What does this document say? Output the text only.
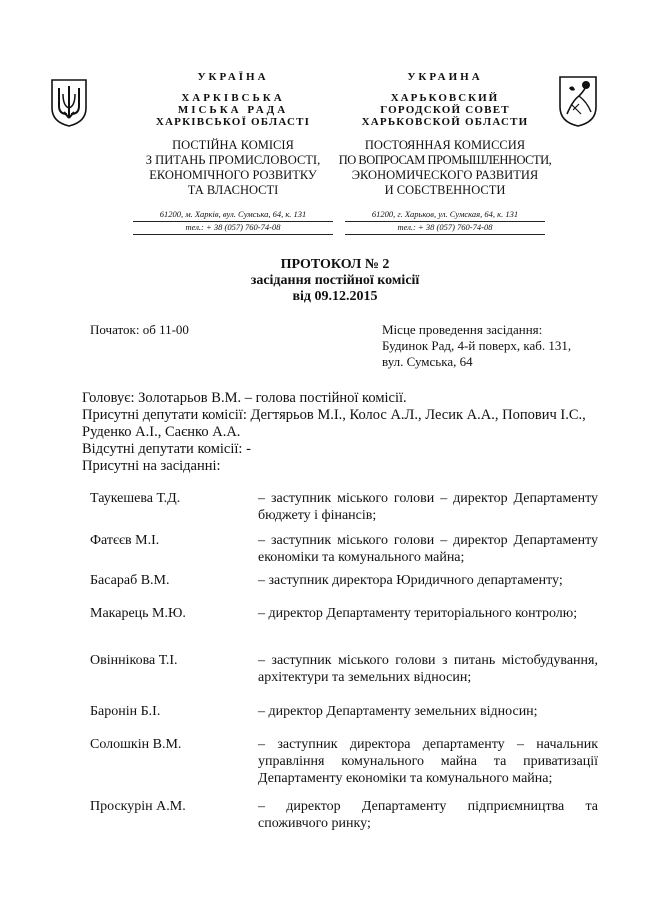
УКРАЇНА
ХАРКІВСЬКА
МІСЬКА РАДА
ХАРКІВСЬКОЇ ОБЛАСТІ
ПОСТІЙНА КОМІСІЯ
З ПИТАНЬ ПРОМИСЛОВОСТІ,
ЕКОНОМІЧНОГО РОЗВИТКУ
ТА ВЛАСНОСТІ
61200, м. Харків, вул. Сумська, 64, к. 131
тел.: + 38 (057) 760-74-08
УКРАИНА
ХАРЬКОВСКИЙ
ГОРОДСКОЙ СОВЕТ
ХАРЬКОВСКОЙ ОБЛАСТИ
ПОСТОЯННАЯ КОМИССИЯ
ПО ВОПРОСАМ ПРОМЫШЛЕННОСТИ,
ЭКОНОМИЧЕСКОГО РАЗВИТИЯ
И СОБСТВЕННОСТИ
61200, г. Харьков, ул. Сумская, 64, к. 131
тел.: + 38 (057) 760-74-08
ПРОТОКОЛ № 2
засідання постійної комісії
від 09.12.2015
Початок: об 11-00	Місце проведення засідання:
Будинок Рад, 4-й поверх, каб. 131,
вул. Сумська, 64
Головує: Золотарьов В.М. – голова постійної комісії.
Присутні депутати комісії: Дегтярьов М.І., Колос А.Л., Лесик А.А., Попович І.С.,
Руденко А.І., Саєнко А.А.
Відсутні депутати комісії: -
Присутні на засіданні:
Таукешева Т.Д.	– заступник міського голови – директор Департаменту бюджету і фінансів;
Фатєєв М.І.	– заступник міського голови – директор Департаменту економіки та комунального майна;
Басараб В.М.	– заступник директора Юридичного департаменту;
Макарець М.Ю.	– директор Департаменту територіального контролю;
Овіннікова Т.І.	– заступник міського голови з питань містобудування, архітектури та земельних відносин;
Баронін Б.І.	– директор Департаменту земельних відносин;
Солошкін В.М.	– заступник директора департаменту – начальник управління комунального майна та приватизації Департаменту економіки та комунального майна;
Проскурін А.М.	– директор Департаменту підприємництва та споживчого ринку;
